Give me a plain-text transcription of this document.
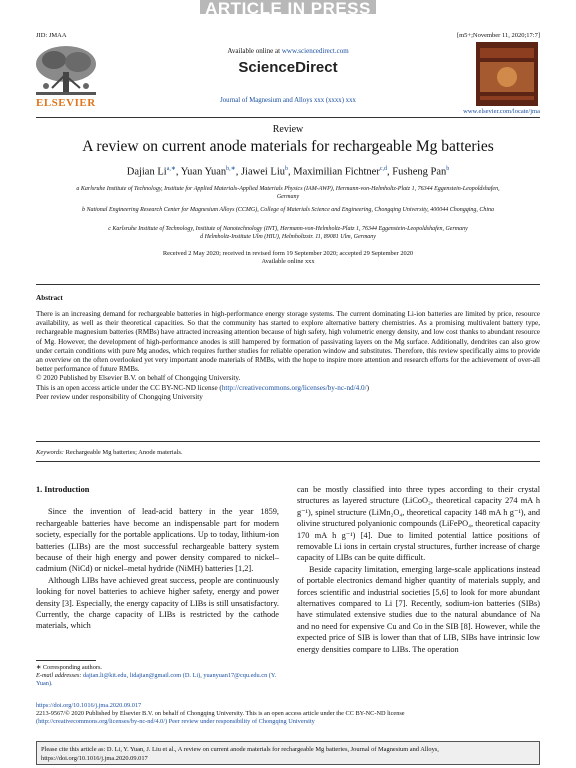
ARTICLE IN PRESS
JID: JMAA	[m5+;November 11, 2020;17:7]
ELSEVIER
Available online at www.sciencedirect.com
ScienceDirect
Journal of Magnesium and Alloys xxx (xxxx) xxx
www.elsevier.com/locate/jma
Review
A review on current anode materials for rechargeable Mg batteries
Dajian $Li^{a,∗}$, Yuan Yuan$^{b,∗}$, Jiawei Liu$^b$, Maximilian Fichtner$^{c,d}$, Fusheng Pan$^b$
a Karlsruhe Institute of Technology, Institute for Applied Materials-Applied Materials Physics (IAM-AWP), Hermann-von-Helmholtz-Platz 1, 76344 Eggenstein-Leopoldshafen, Germany
b National Engineering Research Center for Magnesium Alloys (CCMG), College of Materials Science and Engineering, Chongqing University, 400044 Chongqing, China
c Karlsruhe Institute of Technology, Institute of Nanotechnology (INT), Hermann-von-Helmholtz-Platz 1, 76344 Eggenstein-Leopoldshafen, Germany
d Helmholtz-Institute Ulm (HIU), Helmholtzstr. 11, 89081 Ulm, Germany
Received 2 May 2020; received in revised form 19 September 2020; accepted 29 September 2020
Available online xxx
Abstract
There is an increasing demand for rechargeable batteries in high-performance energy storage systems. The current dominating Li-ion batteries are limited by price, resource availability, as well as their theoretical capacities. So that the community has started to explore alternative battery chemistries. As a promising multivalent battery type, rechargeable magnesium batteries (RMBs) have attracted increasing attention because of high safety, high volumetric energy density, and low cost thanks to abundant resource of Mg. However, the development of high-performance anodes is still hampered by formation of passivating layers on the Mg surface. Additionally, dendrites can also grow under certain conditions with pure Mg anodes, which requires further studies for reliable operation window and substitutes. Therefore, this review specifically aims to provide an overview on the often overlooked yet very important anode materials of RMBs, with the hope to inspire more attention and research efforts for the achievement of over-all better performance of future RMBs.
© 2020 Published by Elsevier B.V. on behalf of Chongqing University.
This is an open access article under the CC BY-NC-ND license (http://creativecommons.org/licenses/by-nc-nd/4.0/)
Peer review under responsibility of Chongqing University
Keywords: Rechargeable Mg batteries; Anode materials.
1. Introduction

Since the invention of lead-acid battery in the year 1859, rechargeable batteries have become an indispensable part for modern society, especially for the portable applications. Up to today, lithium-ion batteries (LIBs) are the most successful rechargeable battery system because of their high energy and power density compared to nickel–cadmium (NiCd) or nickel–metal hydride (NiMH) batteries [1,2].

Although LIBs have achieved great success, people are continuously looking for novel batteries to achieve higher safety, energy and power density [3]. Especially, the energy capacity of LIBs is still unsatisfactory. Currently, the charge capacity of LIBs is restricted by the cathode materials, which

can be mostly classified into three types according to their crystal structures as layered structure (LiCoO₂, theoretical capacity 274 mA h g⁻¹), spinel structure (LiMn₂O₄, theoretical capacity 148 mA h g⁻¹), and olivine structured polyanionic compounds (LiFePO₄, theoretical capacity 170 mA h g⁻¹) [4]. Due to limited potential lattice positions of removable Li ions in certain crystal structures, further increase of charge capacity of LIBs can be quite difficult.

Beside capacity limitation, emerging large-scale applications instead of portable electronics demand higher quantity of materials supply, and forces scientific and industrial societies [5,6] to look for more abundant alternatives compared to Li [7]. Recently, sodium-ion batteries (SIBs) have stimulated extensive studies due to the natural abundance of Na and no need for expensive Cu and Co in the SIB [8]. However, while the expected price of SIB is lower than that of LIB, SIBs have intrinsic low energy densities compare to LIBs. The operation

∗ Corresponding authors.
E-mail addresses: dajian.li@kit.edu, lidajian@gmail.com (D. Li), yuanyuan17@cqu.edu.cn (Y. Yuan).
https://doi.org/10.1016/j.jma.2020.09.017
2213-9567/© 2020 Published by Elsevier B.V. on behalf of Chongqing University. This is an open access article under the CC BY-NC-ND license
(http://creativecommons.org/licenses/by-nc-nd/4.0/) Peer review under responsibility of Chongqing University
Please cite this article as: D. Li, Y. Yuan, J. Liu et al., A review on current anode materials for rechargeable Mg batteries, Journal of Magnesium and Alloys, https://doi.org/10.1016/j.jma.2020.09.017
